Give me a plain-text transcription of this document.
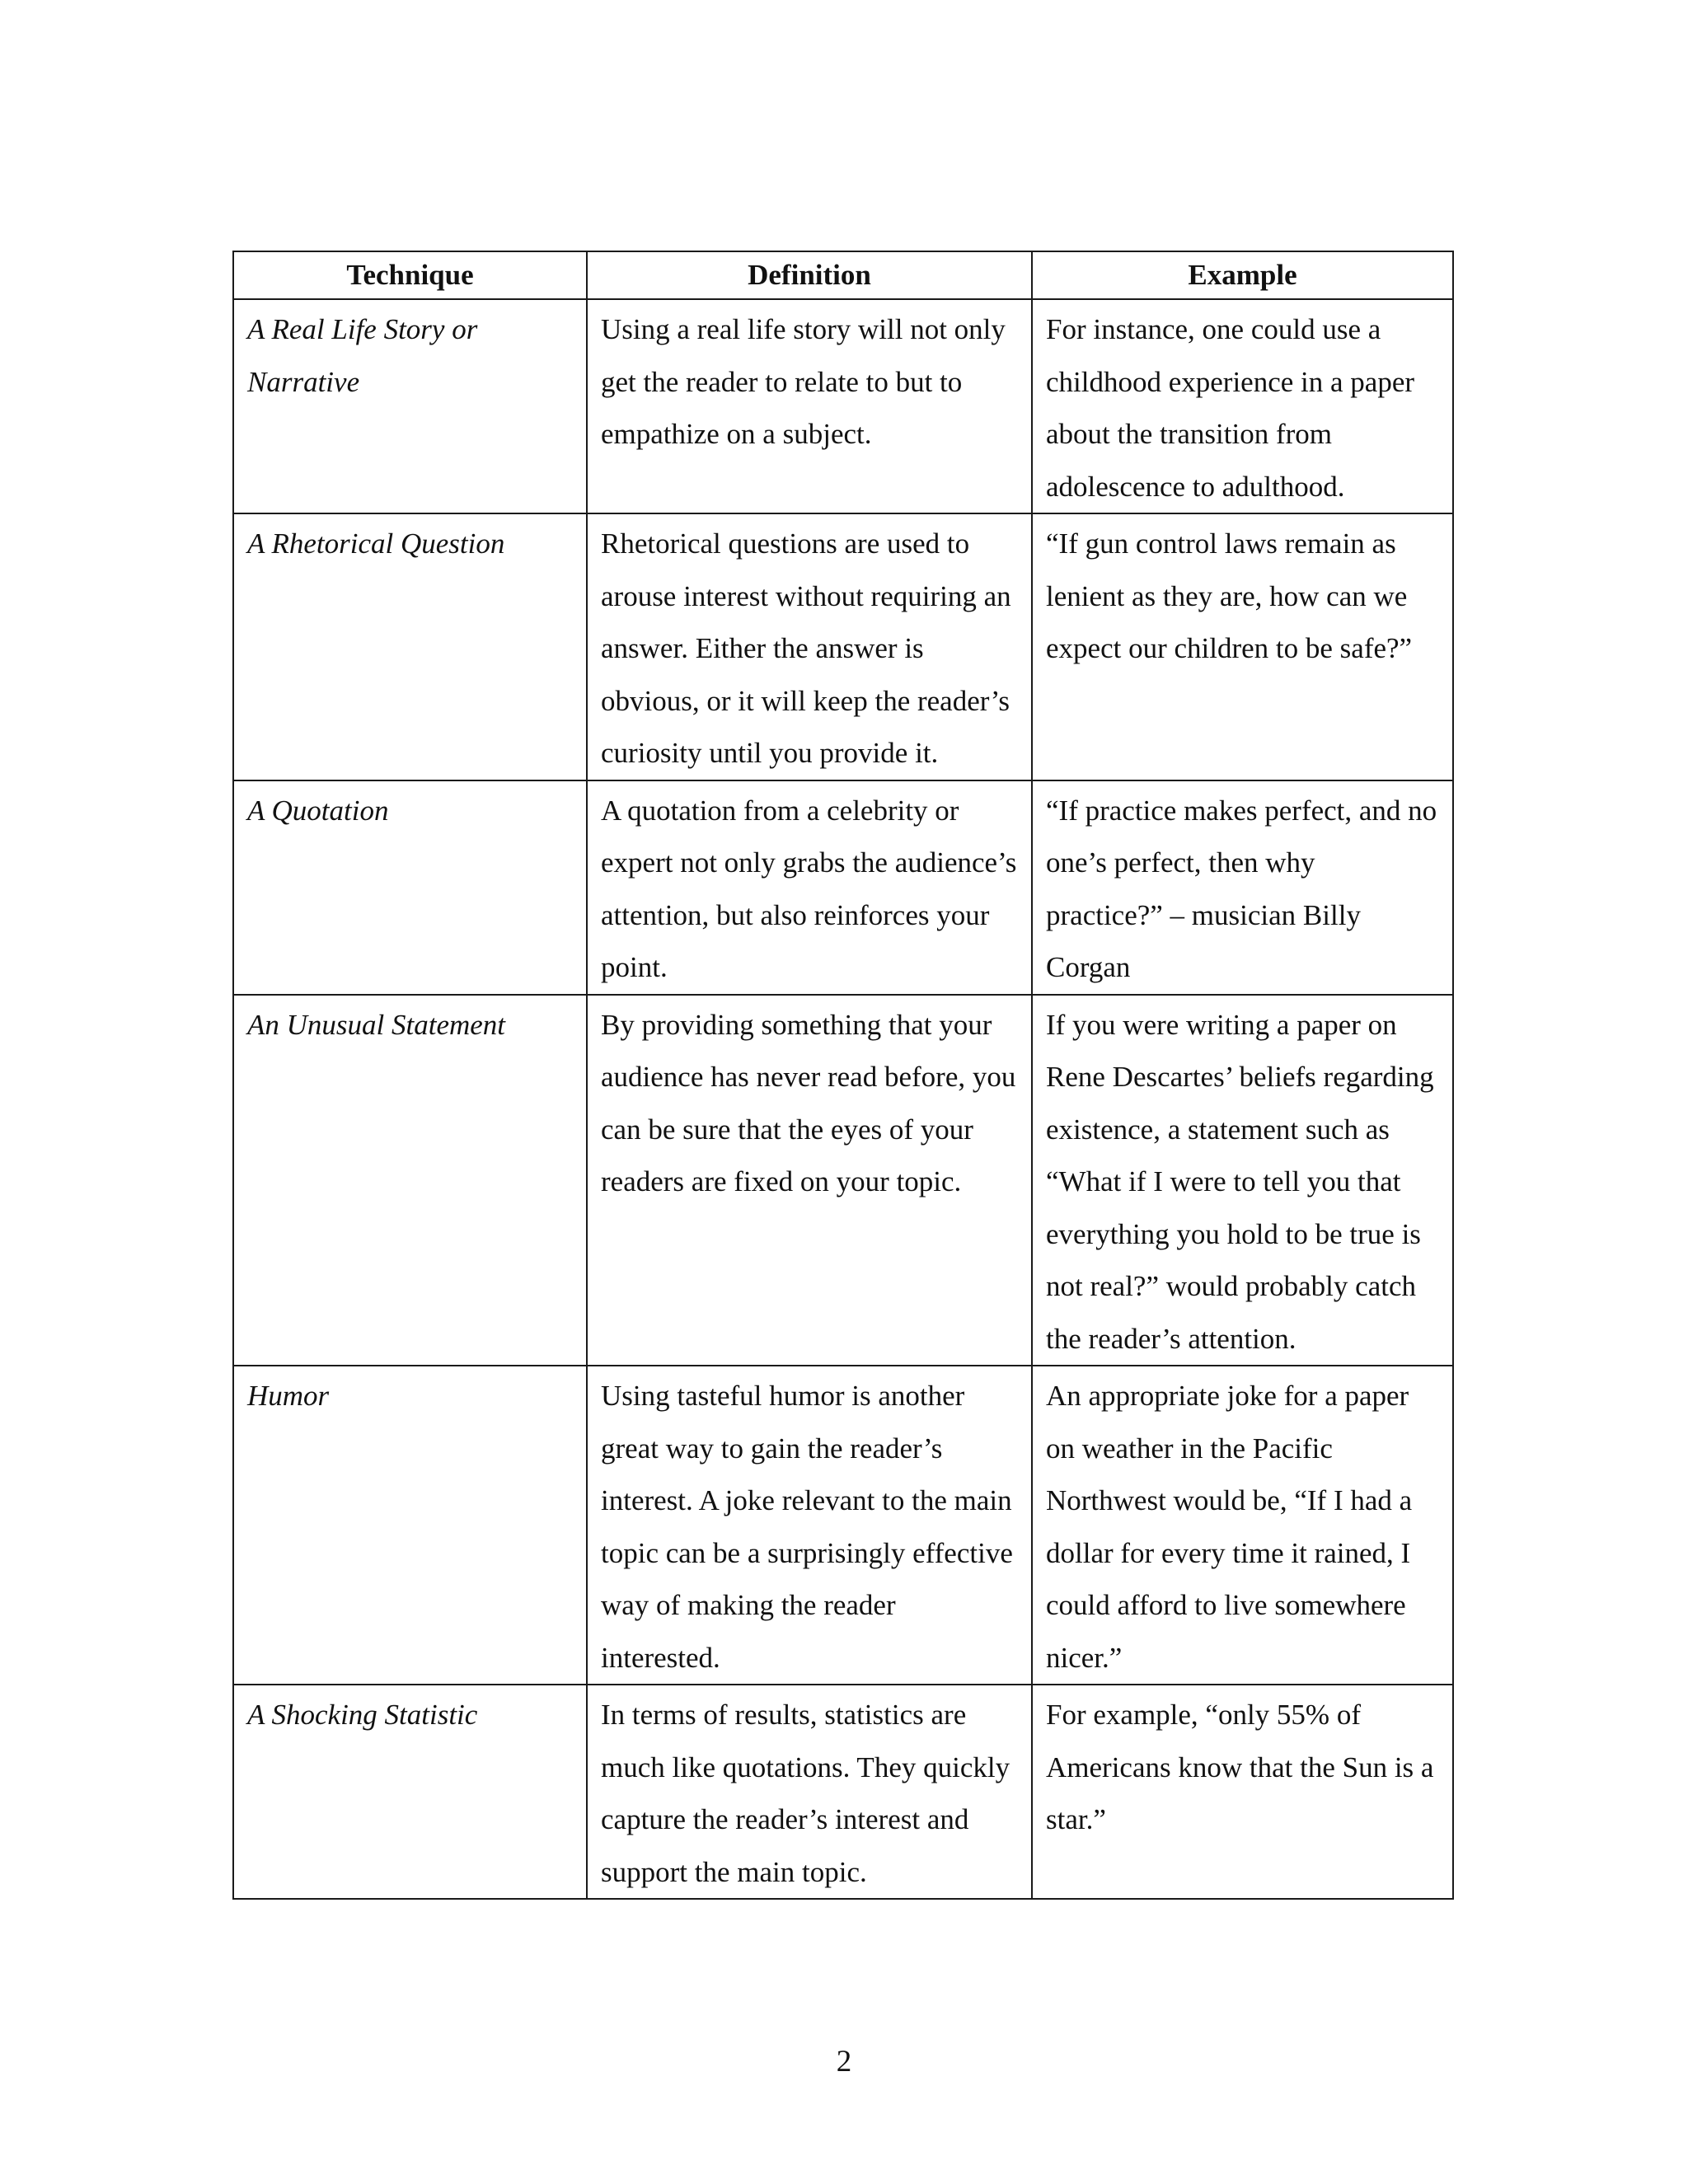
Technique	Definition	Example
A Real Life Story or Narrative	Using a real life story will not only get the reader to relate to but to empathize on a subject.	For instance, one could use a childhood experience in a paper about the transition from adolescence to adulthood.
A Rhetorical Question	Rhetorical questions are used to arouse interest without requiring an answer. Either the answer is obvious, or it will keep the reader’s curiosity until you provide it.	“If gun control laws remain as lenient as they are, how can we expect our children to be safe?”
A Quotation	A quotation from a celebrity or expert not only grabs the audience’s attention, but also reinforces your point.	“If practice makes perfect, and no one’s perfect, then why practice?” – musician Billy Corgan
An Unusual Statement	By providing something that your audience has never read before, you can be sure that the eyes of your readers are fixed on your topic.	If you were writing a paper on Rene Descartes’ beliefs regarding existence, a statement such as “What if I were to tell you that everything you hold to be true is not real?” would probably catch the reader’s attention.
Humor	Using tasteful humor is another great way to gain the reader’s interest. A joke relevant to the main topic can be a surprisingly effective way of making the reader interested.	An appropriate joke for a paper on weather in the Pacific Northwest would be, “If I had a dollar for every time it rained, I could afford to live somewhere nicer.”
A Shocking Statistic	In terms of results, statistics are much like quotations. They quickly capture the reader’s interest and support the main topic.	For example, “only 55% of Americans know that the Sun is a star.”
2
